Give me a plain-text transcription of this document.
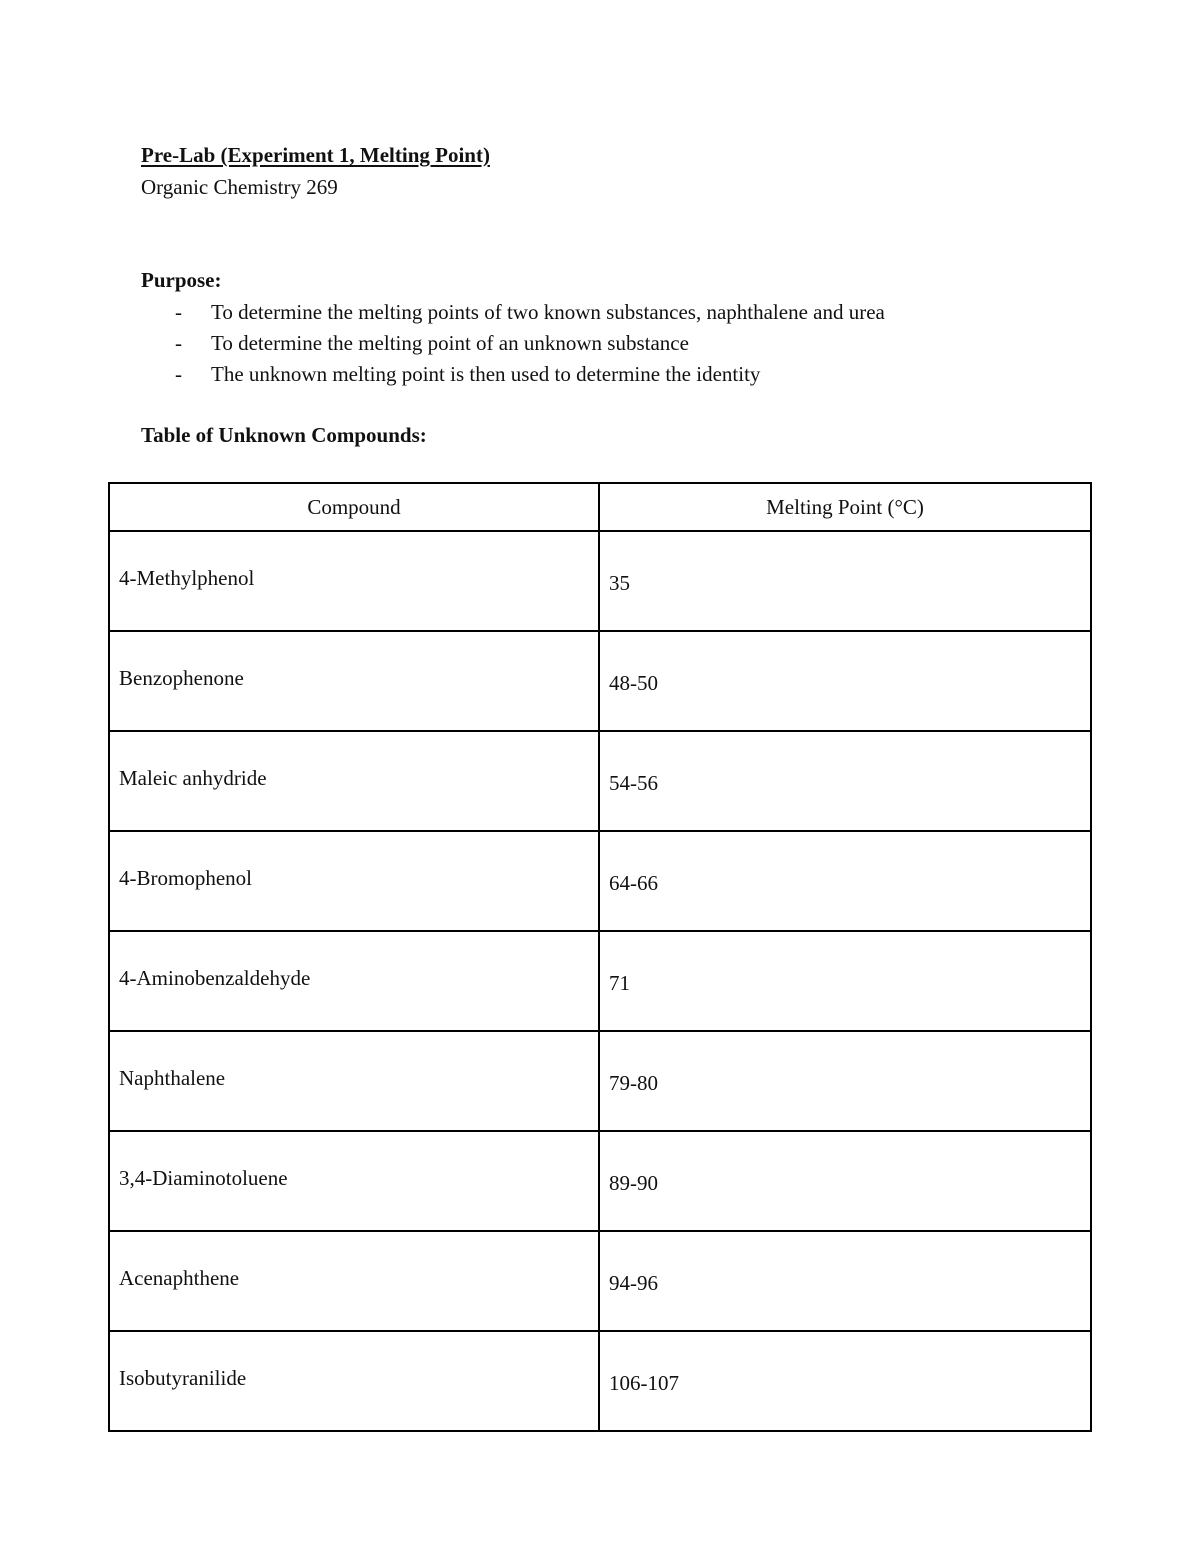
Pre-Lab (Experiment 1, Melting Point)
Organic Chemistry 269
Purpose:
- To determine the melting points of two known substances, naphthalene and urea
- To determine the melting point of an unknown substance
- The unknown melting point is then used to determine the identity
Table of Unknown Compounds:
Compound	Melting Point (°C)
4-Methylphenol	35
Benzophenone	48-50
Maleic anhydride	54-56
4-Bromophenol	64-66
4-Aminobenzaldehyde	71
Naphthalene	79-80
3,4-Diaminotoluene	89-90
Acenaphthene	94-96
Isobutyranilide	106-107
